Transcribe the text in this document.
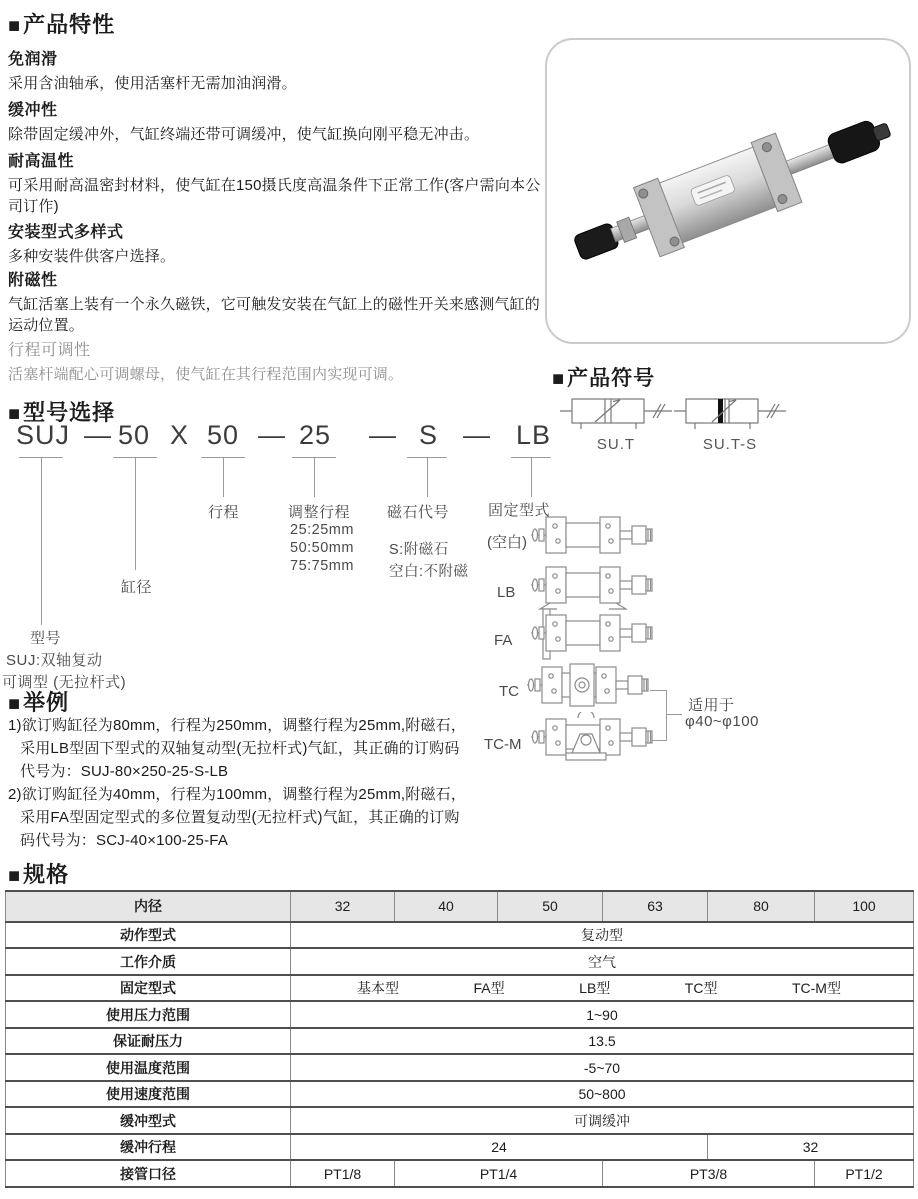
■产品特性
免润滑
采用含油轴承，使用活塞杆无需加油润滑。
缓冲性
除带固定缓冲外，气缸终端还带可调缓冲，使气缸换向刚平稳无冲击。
耐高温性
可采用耐高温密封材料，使气缸在150摄氏度高温条件下正常工作(客户需向本公司订作)
安装型式多样式
多种安装件供客户选择。
附磁性
气缸活塞上装有一个永久磁铁，它可触发安装在气缸上的磁性开关来感测气缸的运动位置。
行程可调性
活塞杆端配心可调螺母，使气缸在其行程范围内实现可调。	■产品符号
SU.T	SU.T-S
■型号选择
SUJ — 50 X 50 — 25 — S — LB
行程	调整行程
25:25mm
50:50mm
75:75mm
磁石代号
S:附磁石
空白:不附磁
固定型式
缸径
型号
SUJ:双轴复动
可调型 (无拉杆式)
(空白)
LB
FA
TC
TC-M
适用于
φ40~φ100
■举例
1)欲订购缸径为80mm，行程为250mm，调整行程为25mm,附磁石，
采用LB型固下型式的双轴复动型(无拉杆式)气缸，其正确的订购码
代号为：SUJ-80×250-25-S-LB
2)欲订购缸径为40mm，行程为100mm，调整行程为25mm,附磁石，
采用FA型固定型式的多位置复动型(无拉杆式)气缸，其正确的订购
码代号为：SCJ-40×100-25-FA
■规格
内径	32	40	50	63	80	100
动作型式	复动型					
工作介质	空气					
固定型式	基本型 FA型 LB型 TC型 TC-M型					

使用压力范围	1~90					
保证耐压力	13.5					
使用温度范围	-5~70					
使用速度范围	50~800					
缓冲型式	可调缓冲					
缓冲行程	24				32	
接管口径	PT1/8	PT1/4		PT3/8		PT1/2
